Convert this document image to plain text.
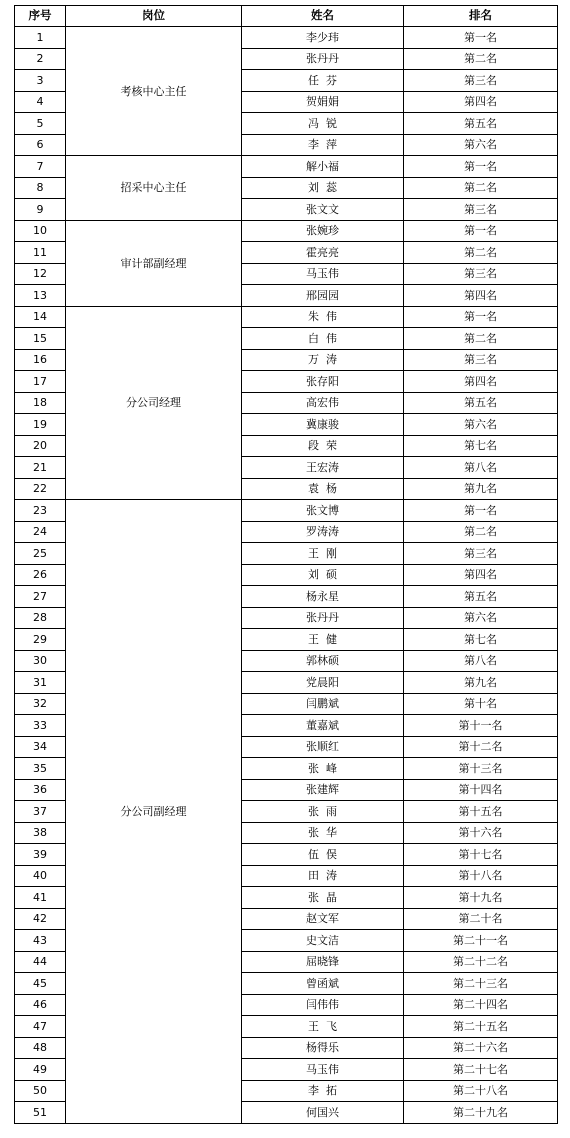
序号	岗位	姓名	排名
1	考核中心主任	李少玮	第一名
2		张丹丹	第二名
3		任  芬	第三名
4		贺娟娟	第四名
5		冯  锐	第五名
6		李  萍	第六名
7	招采中心主任	解小福	第一名
8		刘  蕊	第二名
9		张文文	第三名
10	审计部副经理	张婉珍	第一名
11		霍亮亮	第二名
12		马玉伟	第三名
13		邢园园	第四名
14	分公司经理	朱  伟	第一名
15		白  伟	第二名
16		万  涛	第三名
17		张存阳	第四名
18		高宏伟	第五名
19		冀康骏	第六名
20		段  荣	第七名
21		王宏涛	第八名
22		袁  杨	第九名
23	分公司副经理	张文博	第一名
24		罗涛涛	第二名
25		王  刚	第三名
26		刘  硕	第四名
27		杨永星	第五名
28		张丹丹	第六名
29		王  健	第七名
30		郭林硕	第八名
31		党晨阳	第九名
32		闫鹏斌	第十名
33		董嘉斌	第十一名
34		张顺红	第十二名
35		张  峰	第十三名
36		张建辉	第十四名
37		张  雨	第十五名
38		张  华	第十六名
39		伍  俣	第十七名
40		田  涛	第十八名
41		张  晶	第十九名
42		赵文军	第二十名
43		史文洁	第二十一名
44		屈晓锋	第二十二名
45		曾函斌	第二十三名
46		闫伟伟	第二十四名
47		王  飞	第二十五名
48		杨得乐	第二十六名
49		马玉伟	第二十七名
50		李  拓	第二十八名
51		何国兴	第二十九名
